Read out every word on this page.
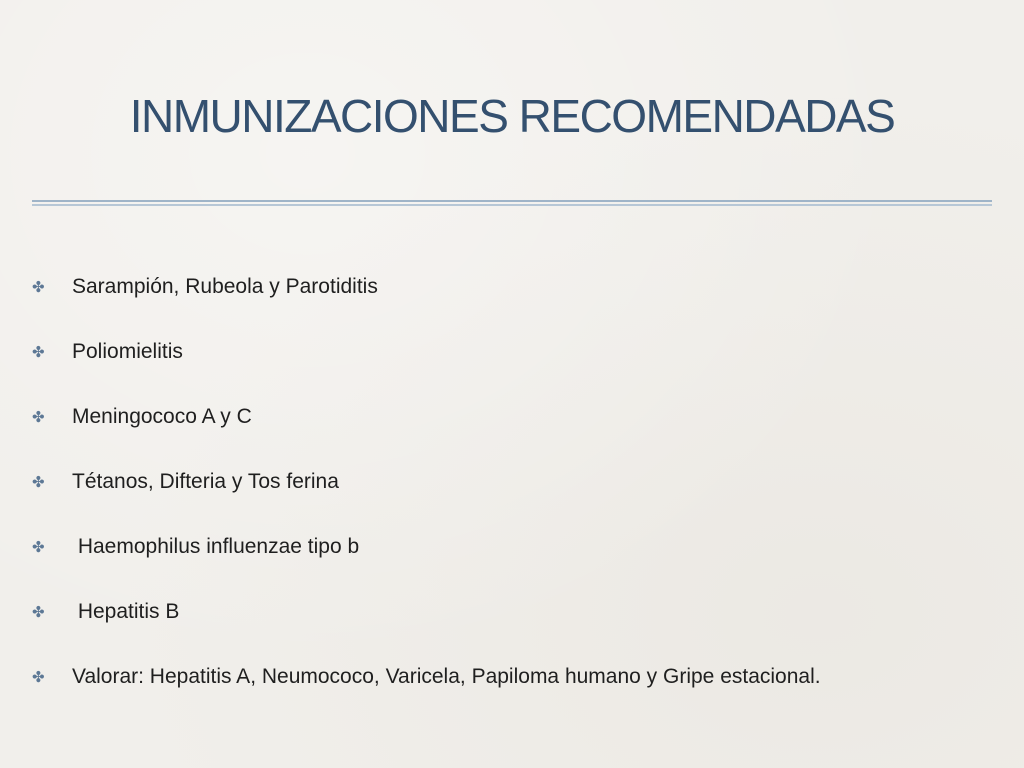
INMUNIZACIONES RECOMENDADAS
✤ Sarampión, Rubeola y Parotiditis
✤ Poliomielitis
✤ Meningococo A y C
✤ Tétanos, Difteria y Tos ferina
✤ Haemophilus influenzae tipo b
✤ Hepatitis B
✤ Valorar: Hepatitis A, Neumococo, Varicela, Papiloma humano y Gripe estacional.
